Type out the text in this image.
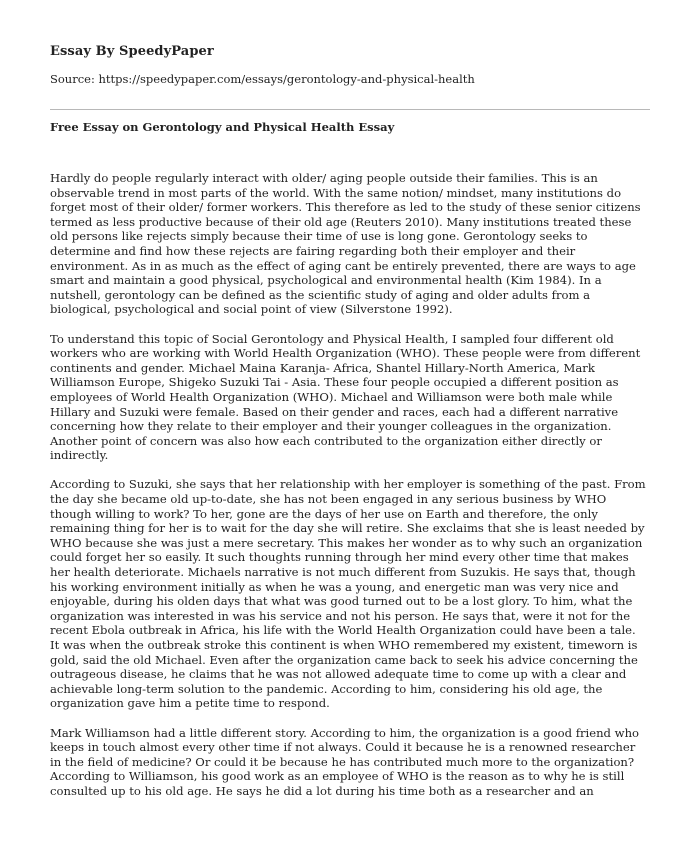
Essay By SpeedyPaper
Source: https://speedypaper.com/essays/gerontology-and-physical-health
Free Essay on Gerontology and Physical Health Essay

Hardly do people regularly interact with older/ aging people outside their families. This is an
observable trend in most parts of the world. With the same notion/ mindset, many institutions do
forget most of their older/ former workers. This therefore as led to the study of these senior citizens
termed as less productive because of their old age (Reuters 2010). Many institutions treated these
old persons like rejects simply because their time of use is long gone. Gerontology seeks to
determine and find how these rejects are fairing regarding both their employer and their
environment. As in as much as the effect of aging cant be entirely prevented, there are ways to age
smart and maintain a good physical, psychological and environmental health (Kim 1984). In a
nutshell, gerontology can be defined as the scientific study of aging and older adults from a
biological, psychological and social point of view (Silverstone 1992).

To understand this topic of Social Gerontology and Physical Health, I sampled four different old
workers who are working with World Health Organization (WHO). These people were from different
continents and gender. Michael Maina Karanja- Africa, Shantel Hillary-North America, Mark
Williamson Europe, Shigeko Suzuki Tai - Asia. These four people occupied a different position as
employees of World Health Organization (WHO). Michael and Williamson were both male while
Hillary and Suzuki were female. Based on their gender and races, each had a different narrative
concerning how they relate to their employer and their younger colleagues in the organization.
Another point of concern was also how each contributed to the organization either directly or
indirectly.

According to Suzuki, she says that her relationship with her employer is something of the past. From
the day she became old up-to-date, she has not been engaged in any serious business by WHO
though willing to work? To her, gone are the days of her use on Earth and therefore, the only
remaining thing for her is to wait for the day she will retire. She exclaims that she is least needed by
WHO because she was just a mere secretary. This makes her wonder as to why such an organization
could forget her so easily. It such thoughts running through her mind every other time that makes
her health deteriorate. Michaels narrative is not much different from Suzukis. He says that, though
his working environment initially as when he was a young, and energetic man was very nice and
enjoyable, during his olden days that what was good turned out to be a lost glory. To him, what the
organization was interested in was his service and not his person. He says that, were it not for the
recent Ebola outbreak in Africa, his life with the World Health Organization could have been a tale.
It was when the outbreak stroke this continent is when WHO remembered my existent, timeworn is
gold, said the old Michael. Even after the organization came back to seek his advice concerning the
outrageous disease, he claims that he was not allowed adequate time to come up with a clear and
achievable long-term solution to the pandemic. According to him, considering his old age, the
organization gave him a petite time to respond.

Mark Williamson had a little different story. According to him, the organization is a good friend who
keeps in touch almost every other time if not always. Could it because he is a renowned researcher
in the field of medicine? Or could it be because he has contributed much more to the organization?
According to Williamson, his good work as an employee of WHO is the reason as to why he is still
consulted up to his old age. He says he did a lot during his time both as a researcher and an
